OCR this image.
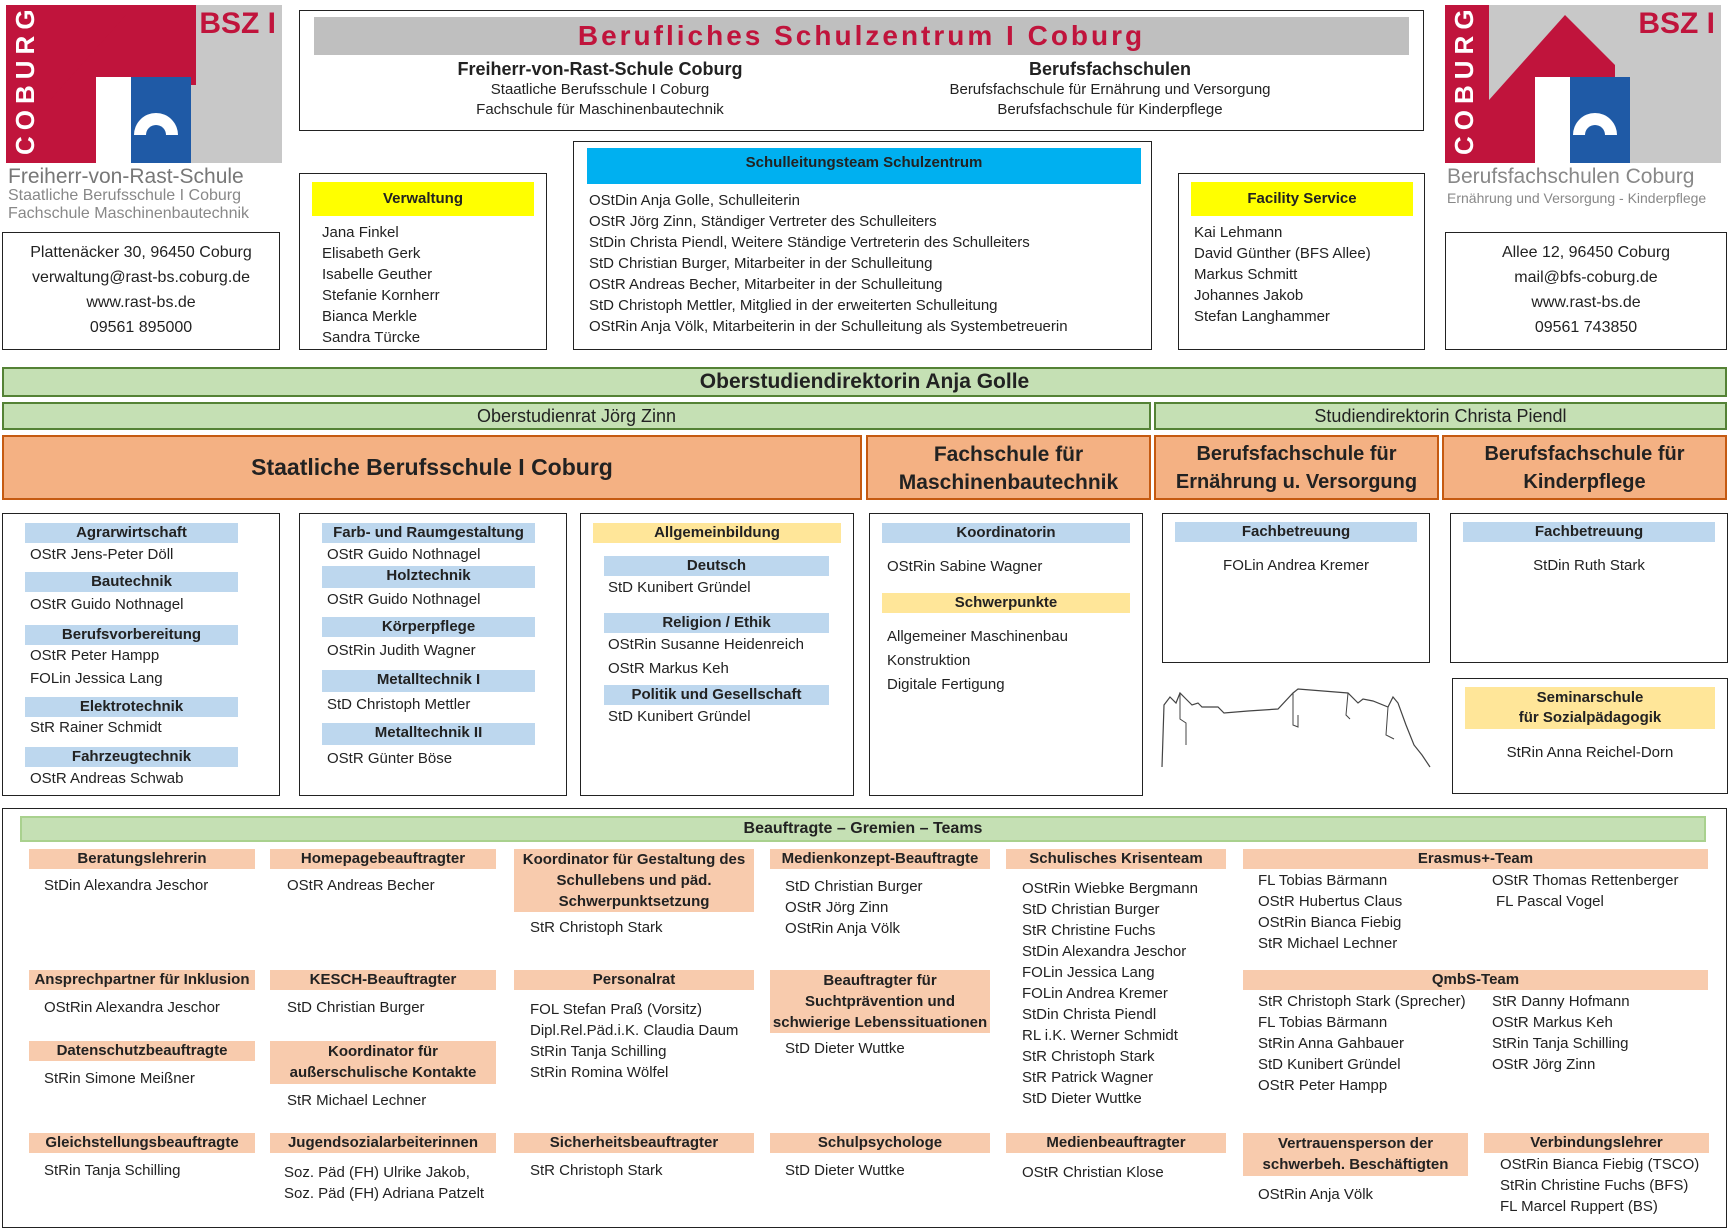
COBURG	BSZ I
Freiherr-von-Rast-Schule
Staatliche Berufsschule I Coburg
Fachschule Maschinenbautechnik
COBURG	BSZ I
Berufsfachschulen Coburg
Ernährung und Versorgung - Kinderpflege
Plattenäcker 30, 96450 Coburg
verwaltung@rast-bs.coburg.de
www.rast-bs.de
09561 895000
Allee 12, 96450 Coburg
mail@bfs-coburg.de
www.rast-bs.de
09561 743850
Berufliches Schulzentrum I Coburg
Freiherr-von-Rast-Schule Coburg
Staatliche Berufsschule I Coburg
Fachschule für Maschinenbautechnik
Berufsfachschulen
Berufsfachschule für Ernährung und Versorgung
Berufsfachschule für Kinderpflege
Verwaltung
Jana Finkel
Elisabeth Gerk
Isabelle Geuther
Stefanie Kornherr
Bianca Merkle
Sandra Türcke
Schulleitungsteam Schulzentrum
OStDin Anja Golle, Schulleiterin
OStR Jörg Zinn, Ständiger Vertreter des Schulleiters
StDin Christa Piendl, Weitere Ständige Vertreterin des Schulleiters
StD Christian Burger, Mitarbeiter in der Schulleitung
OStR Andreas Becher, Mitarbeiter in der Schulleitung
StD Christoph Mettler, Mitglied in der erweiterten Schulleitung
OStRin Anja Völk, Mitarbeiterin in der Schulleitung als Systembetreuerin
Facility Service
Kai Lehmann
David Günther (BFS Allee)
Markus Schmitt
Johannes Jakob
Stefan Langhammer
Oberstudiendirektorin Anja Golle
Oberstudienrat Jörg Zinn	Studiendirektorin Christa Piendl
Staatliche Berufsschule I Coburg	Fachschule für
Maschinenbautechnik
Berufsfachschule für
Ernährung u. Versorgung
Berufsfachschule für
Kinderpflege
Agrarwirtschaft
OStR Jens-Peter Döll
Bautechnik
OStR Guido Nothnagel
Berufsvorbereitung
OStR Peter Hampp
FOLin Jessica Lang
Elektrotechnik
StR Rainer Schmidt
Fahrzeugtechnik
OStR Andreas Schwab
Farb- und Raumgestaltung
OStR Guido Nothnagel
Holztechnik
OStR Guido Nothnagel
Körperpflege
OStRin Judith Wagner
Metalltechnik I
StD Christoph Mettler
Metalltechnik II
OStR Günter Böse
Allgemeinbildung
Deutsch
StD Kunibert Gründel
Religion / Ethik
OStRin Susanne Heidenreich
OStR Markus Keh
Politik und Gesellschaft
StD Kunibert Gründel
Koordinatorin
OStRin Sabine Wagner
Schwerpunkte
Allgemeiner Maschinenbau
Konstruktion
Digitale Fertigung
Fachbetreuung
FOLin Andrea Kremer
Fachbetreuung
StDin Ruth Stark
Seminarschule
für Sozialpädagogik
StRin Anna Reichel-Dorn
Beauftragte – Gremien – Teams
Beratungslehrerin
StDin Alexandra Jeschor
Homepagebeauftragter
OStR Andreas Becher
Koordinator für Gestaltung des
Schullebens und päd.
Schwerpunktsetzung
StR Christoph Stark
Medienkonzept-Beauftragte
StD Christian Burger
OStR Jörg Zinn
OStRin Anja Völk
Schulisches Krisenteam
OStRin Wiebke Bergmann
StD Christian Burger
StR Christine Fuchs
StDin Alexandra Jeschor
FOLin Jessica Lang
FOLin Andrea Kremer
StDin Christa Piendl
RL i.K. Werner Schmidt
StR Christoph Stark
StR Patrick Wagner
StD Dieter Wuttke
Erasmus+-Team
FL Tobias Bärmann
OStR Hubertus Claus
OStRin Bianca Fiebig
StR Michael Lechner
OStR Thomas Rettenberger
FL Pascal Vogel
Ansprechpartner für Inklusion
OStRin Alexandra Jeschor
KESCH-Beauftragter
StD Christian Burger
Personalrat
FOL Stefan Praß (Vorsitz)
Dipl.Rel.Päd.i.K. Claudia Daum
StRin Tanja Schilling
StRin Romina Wölfel
Beauftragter für
Suchtprävention und
schwierige Lebenssituationen
StD Dieter Wuttke
QmbS-Team
StR Christoph Stark (Sprecher)
FL Tobias Bärmann
StRin Anna Gahbauer
StD Kunibert Gründel
OStR Peter Hampp
StR Danny Hofmann
OStR Markus Keh
StRin Tanja Schilling
OStR Jörg Zinn
Datenschutzbeauftragte
StRin Simone Meißner
Koordinator für
außerschulische Kontakte
StR Michael Lechner
Gleichstellungsbeauftragte
StRin Tanja Schilling
Jugendsozialarbeiterinnen
Soz. Päd (FH) Ulrike Jakob,
Soz. Päd (FH) Adriana Patzelt
Sicherheitsbeauftragter
StR Christoph Stark
Schulpsychologe
StD Dieter Wuttke
Medienbeauftragter
OStR Christian Klose
Vertrauensperson der
schwerbeh. Beschäftigten
OStRin Anja Völk
Verbindungslehrer
OStRin Bianca Fiebig (TSCO)
StRin Christine Fuchs (BFS)
FL Marcel Ruppert (BS)
